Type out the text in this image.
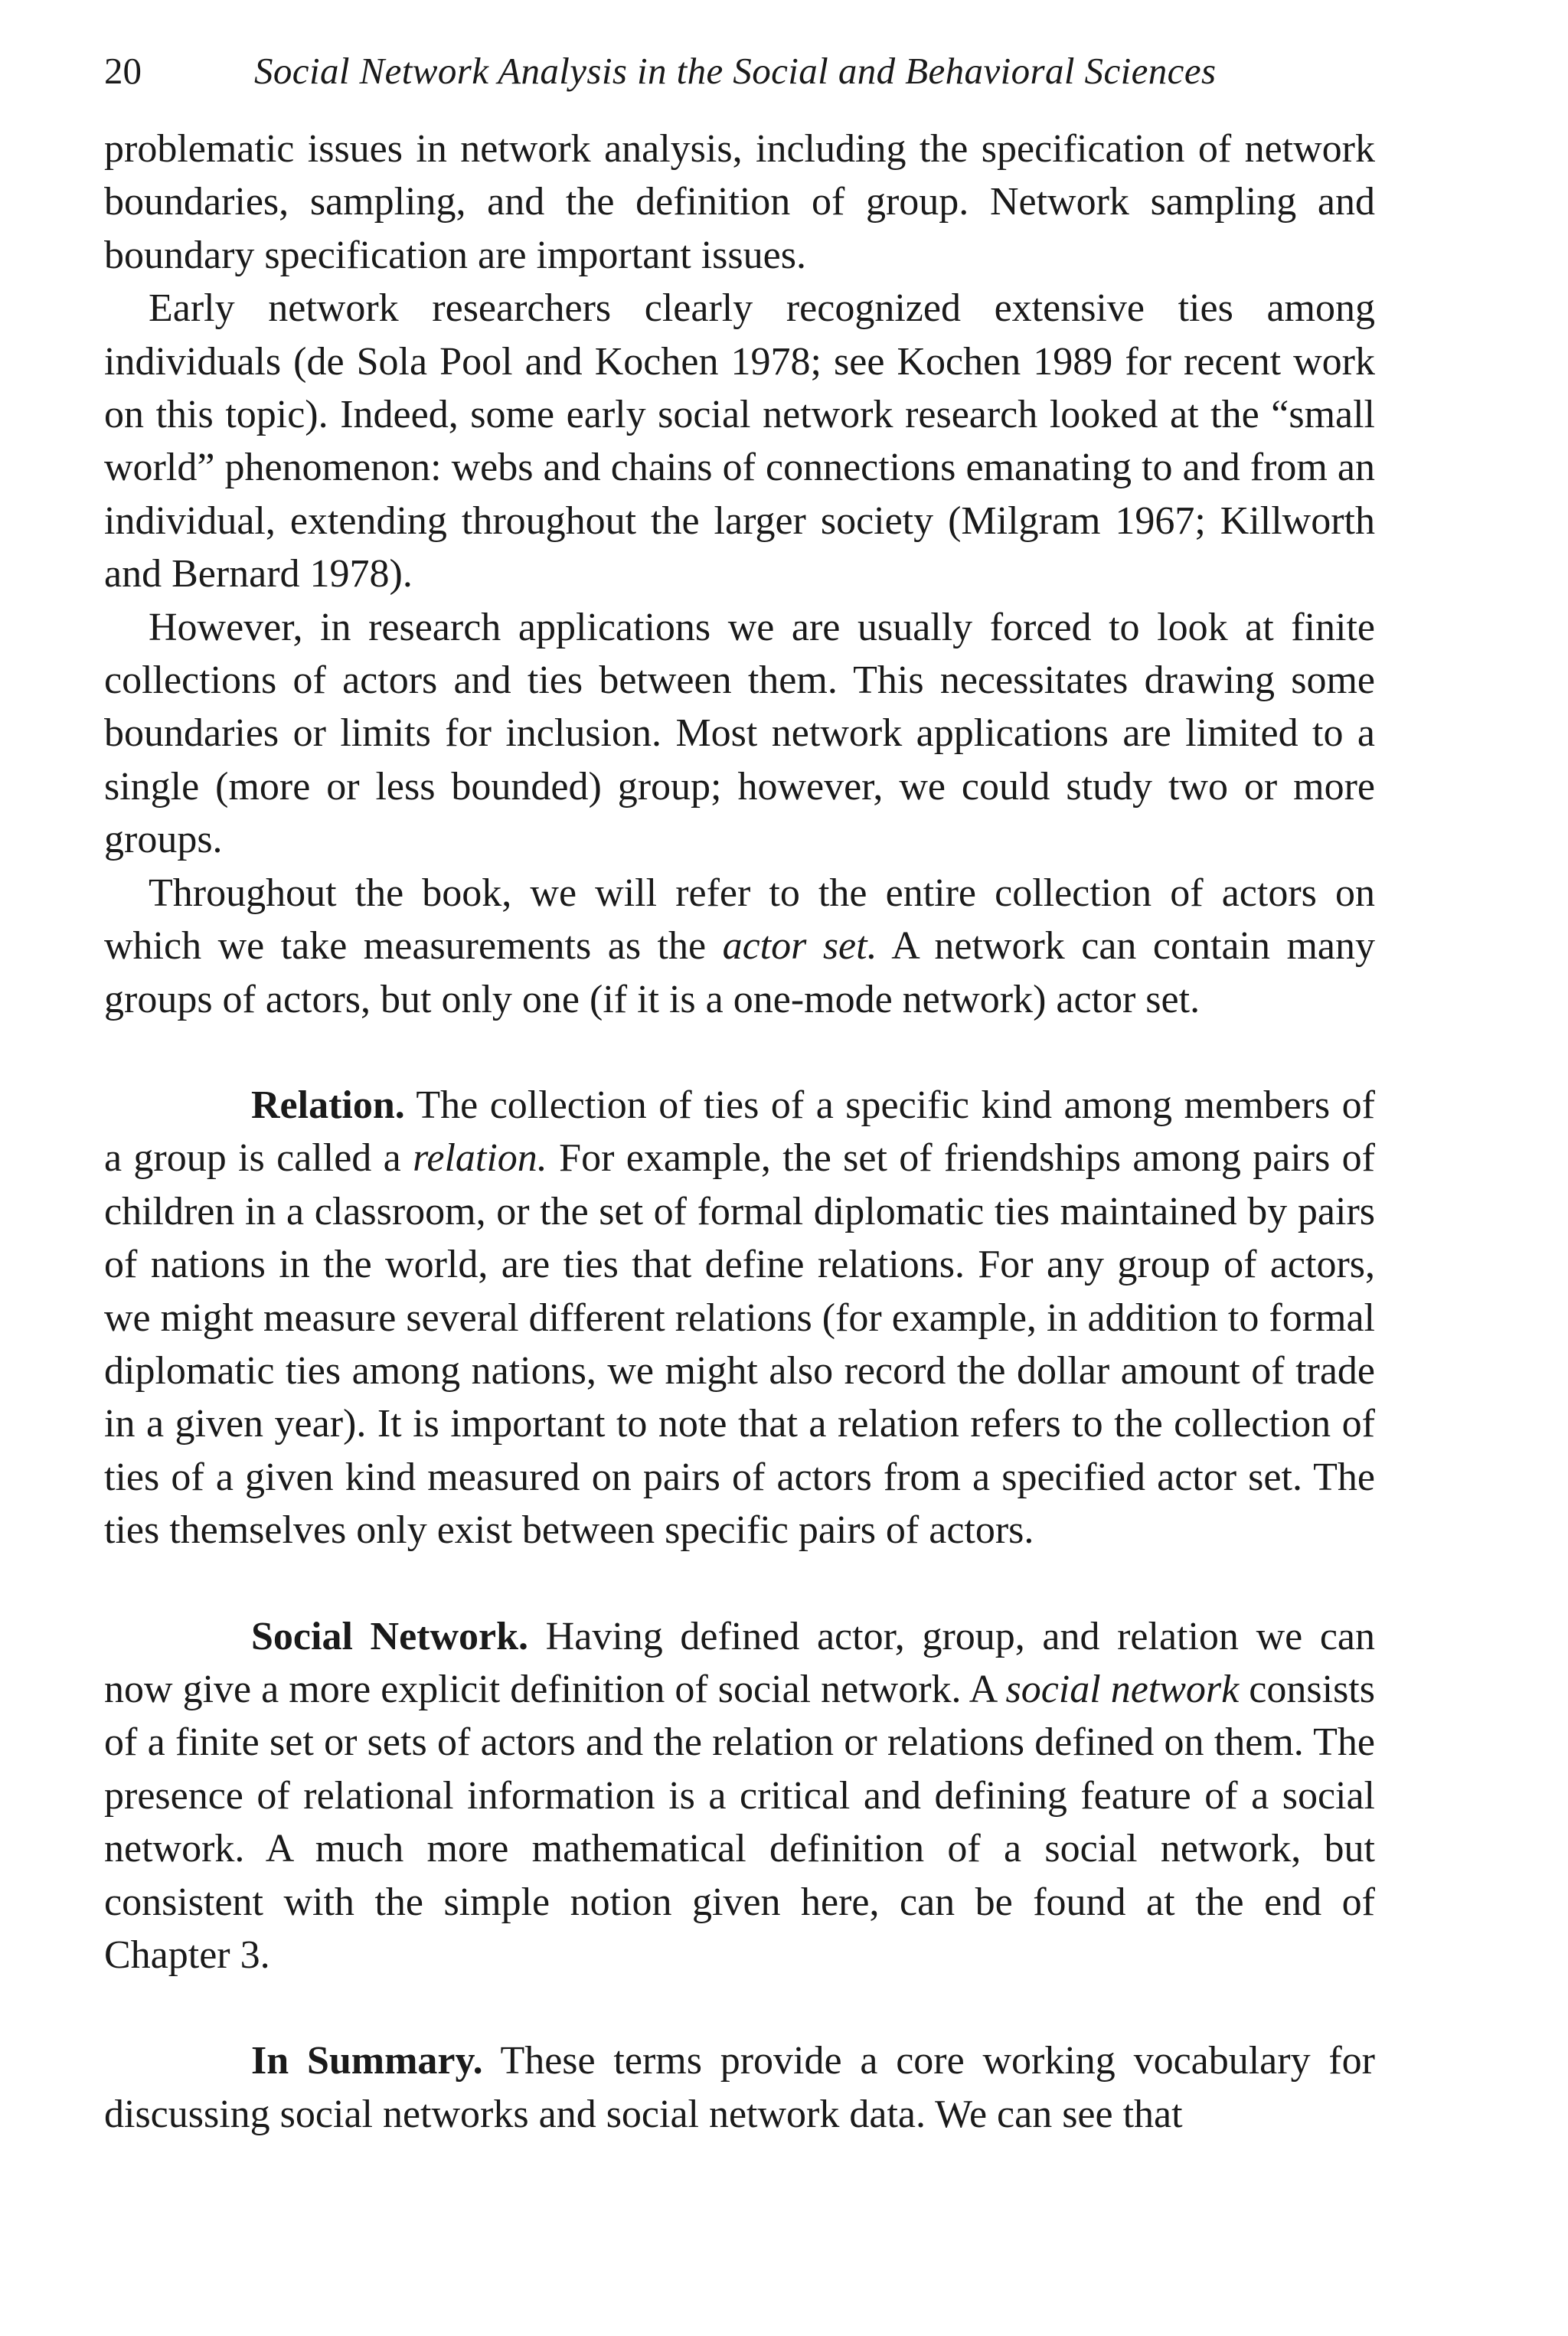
20	Social Network Analysis in the Social and Behavioral Sciences

problematic issues in network analysis, including the specification of network boundaries, sampling, and the definition of group. Network sampling and boundary specification are important issues.

Early network researchers clearly recognized extensive ties among individuals (de Sola Pool and Kochen 1978; see Kochen 1989 for recent work on this topic). Indeed, some early social network research looked at the “small world” phenomenon: webs and chains of connections emanating to and from an individual, extending throughout the larger society (Milgram 1967; Killworth and Bernard 1978).

However, in research applications we are usually forced to look at finite collections of actors and ties between them. This necessitates drawing some boundaries or limits for inclusion. Most network applications are limited to a single (more or less bounded) group; however, we could study two or more groups.

Throughout the book, we will refer to the entire collection of actors on which we take measurements as the actor set. A network can contain many groups of actors, but only one (if it is a one-mode network) actor set.

Relation. The collection of ties of a specific kind among members of a group is called a relation. For example, the set of friendships among pairs of children in a classroom, or the set of formal diplomatic ties maintained by pairs of nations in the world, are ties that define relations. For any group of actors, we might measure several different relations (for example, in addition to formal diplomatic ties among nations, we might also record the dollar amount of trade in a given year). It is important to note that a relation refers to the collection of ties of a given kind measured on pairs of actors from a specified actor set. The ties themselves only exist between specific pairs of actors.

Social Network. Having defined actor, group, and relation we can now give a more explicit definition of social network. A social network consists of a finite set or sets of actors and the relation or relations defined on them. The presence of relational information is a critical and defining feature of a social network. A much more mathematical definition of a social network, but consistent with the simple notion given here, can be found at the end of Chapter 3.

In Summary. These terms provide a core working vocabulary for discussing social networks and social network data. We can see that
